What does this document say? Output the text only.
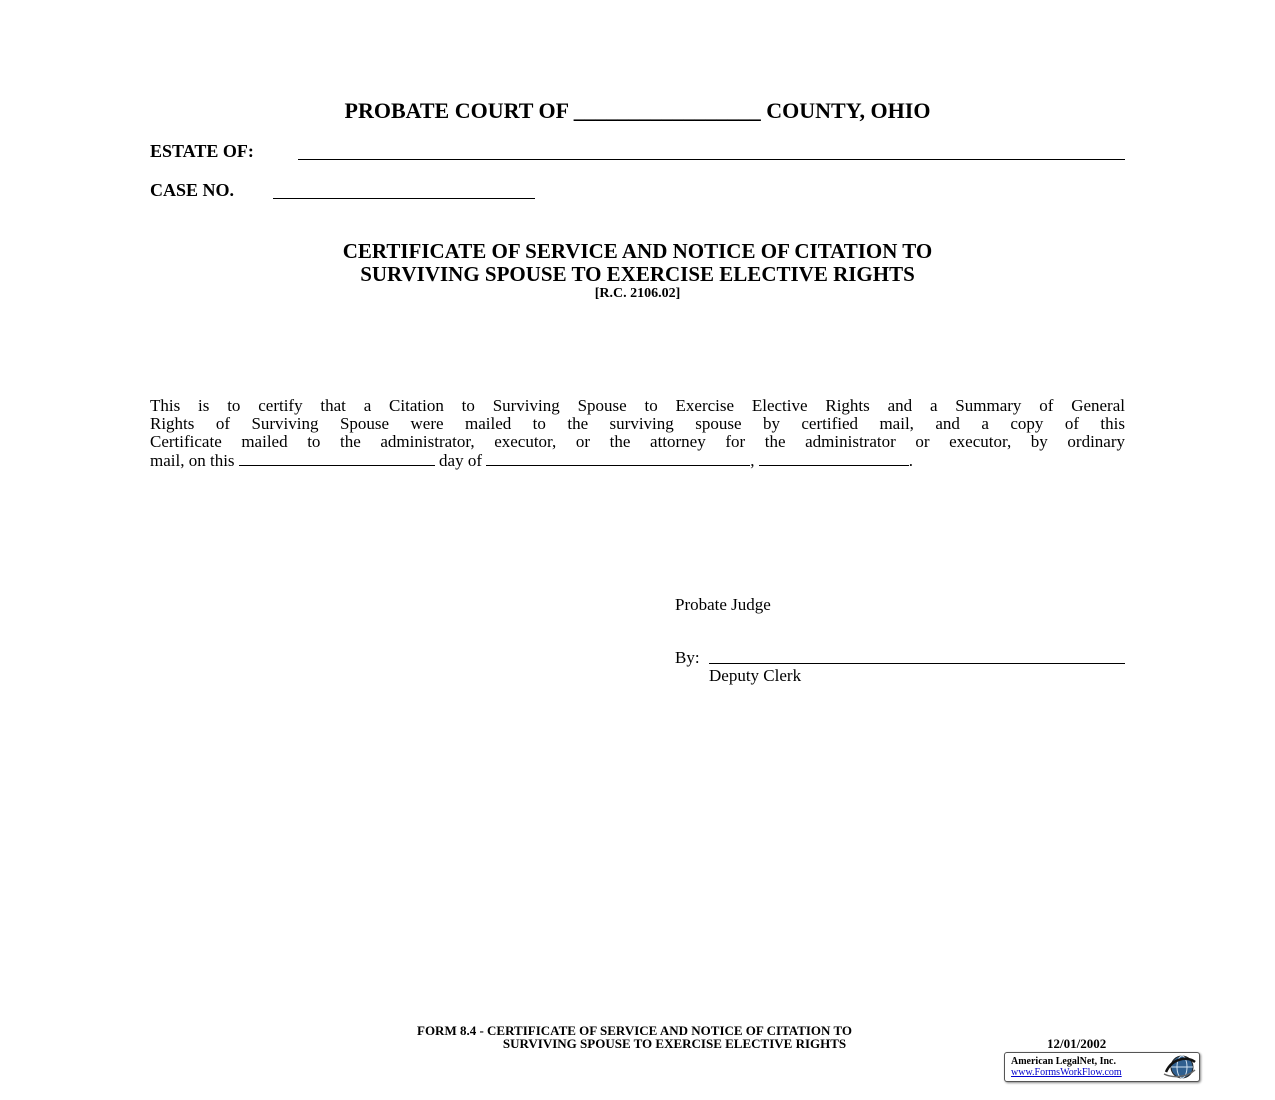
PROBATE COURT OF _________________ COUNTY, OHIO
ESTATE OF:
CASE NO.
CERTIFICATE OF SERVICE AND NOTICE OF CITATION TO
SURVIVING SPOUSE TO EXERCISE ELECTIVE RIGHTS
[R.C. 2106.02]
This is to certify that a Citation to Surviving Spouse to Exercise Elective Rights and a Summary of General
Rights of Surviving Spouse were mailed to the surviving spouse by certified mail, and a copy of this
Certificate mailed to the administrator, executor, or the attorney for the administrator or executor, by ordinary
mail, on this	day of	,	.
Probate Judge
By:
Deputy Clerk
FORM 8.4 - CERTIFICATE OF SERVICE AND NOTICE OF CITATION TO
SURVIVING SPOUSE TO EXERCISE ELECTIVE RIGHTS	12/01/2002
American LegalNet, Inc.
www.FormsWorkFlow.com
